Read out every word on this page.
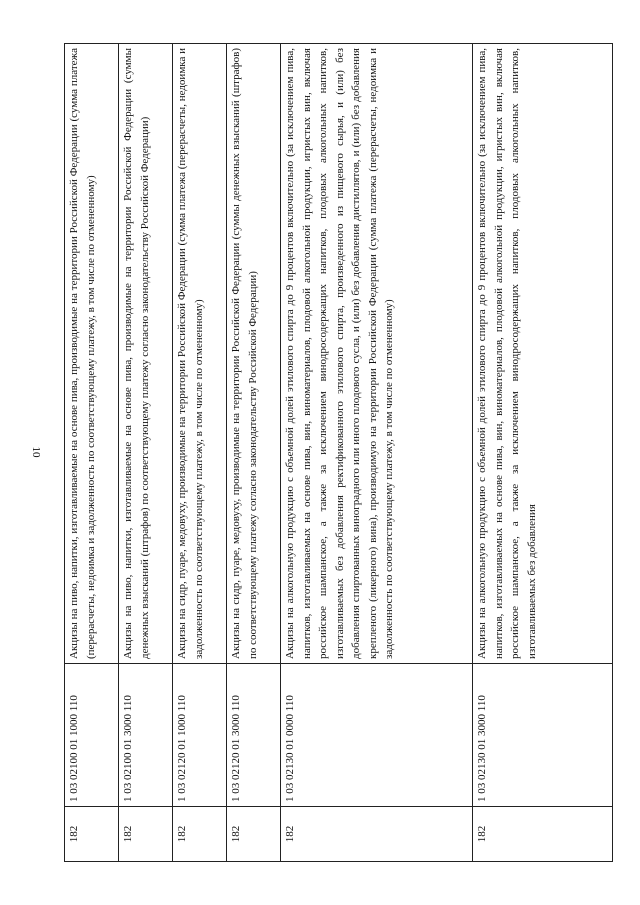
10
182	1 03 02100 01 1000 110	Акцизы на пиво, напитки, изготавливаемые на основе пива, производимые на территории Российской Федерации (сумма платежа (перерасчеты, недоимка и задолженность по соответствующему платежу, в том числе по отмененному)
182	1 03 02100 01 3000 110	Акцизы на пиво, напитки, изготавливаемые на основе пива, производимые на территории Российской Федерации (суммы денежных взысканий (штрафов) по соответствующему платежу согласно законодательству Российской Федерации)
182	1 03 02120 01 1000 110	Акцизы на сидр, пуаре, медовуху, производимые на территории Российской Федерации (сумма платежа (перерасчеты, недоимка и задолженность по соответствующему платежу, в том числе по отмененному)
182	1 03 02120 01 3000 110	Акцизы на сидр, пуаре, медовуху, производимые на территории Российской Федерации (суммы денежных взысканий (штрафов) по соответствующему платежу согласно законодательству Российской Федерации)
182	1 03 02130 01 0000 110	Акцизы на алкогольную продукцию с объемной долей этилового спирта до 9 процентов включительно (за исключением пива, напитков, изготавливаемых на основе пива, вин, виноматериалов, плодовой алкогольной продукции, игристых вин, включая российское шампанское, а также за исключением винодросодержащих напитков, плодовых алкогольных напитков, изготавливаемых без добавления ректификованного этилового спирта, произведенного из пищевого сырья, и (или) без добавления спиртованных виноградного или иного плодового сусла, и (или) без добавления дистиллятов, и (или) без добавления крепленого (ликерного) вина), производимую на территории Российской Федерации (сумма платежа (перерасчеты, недоимка и задолженность по соответствующему платежу, в том числе по отмененному)
182	1 03 02130 01 3000 110	Акцизы на алкогольную продукцию с объемной долей этилового спирта до 9 процентов включительно (за исключением пива, напитков, изготавливаемых на основе пива, вин, виноматериалов, плодовой алкогольной продукции, игристых вин, включая российское шампанское, а также за исключением винодросодержащих напитков, плодовых алкогольных напитков, изготавливаемых без добавления
